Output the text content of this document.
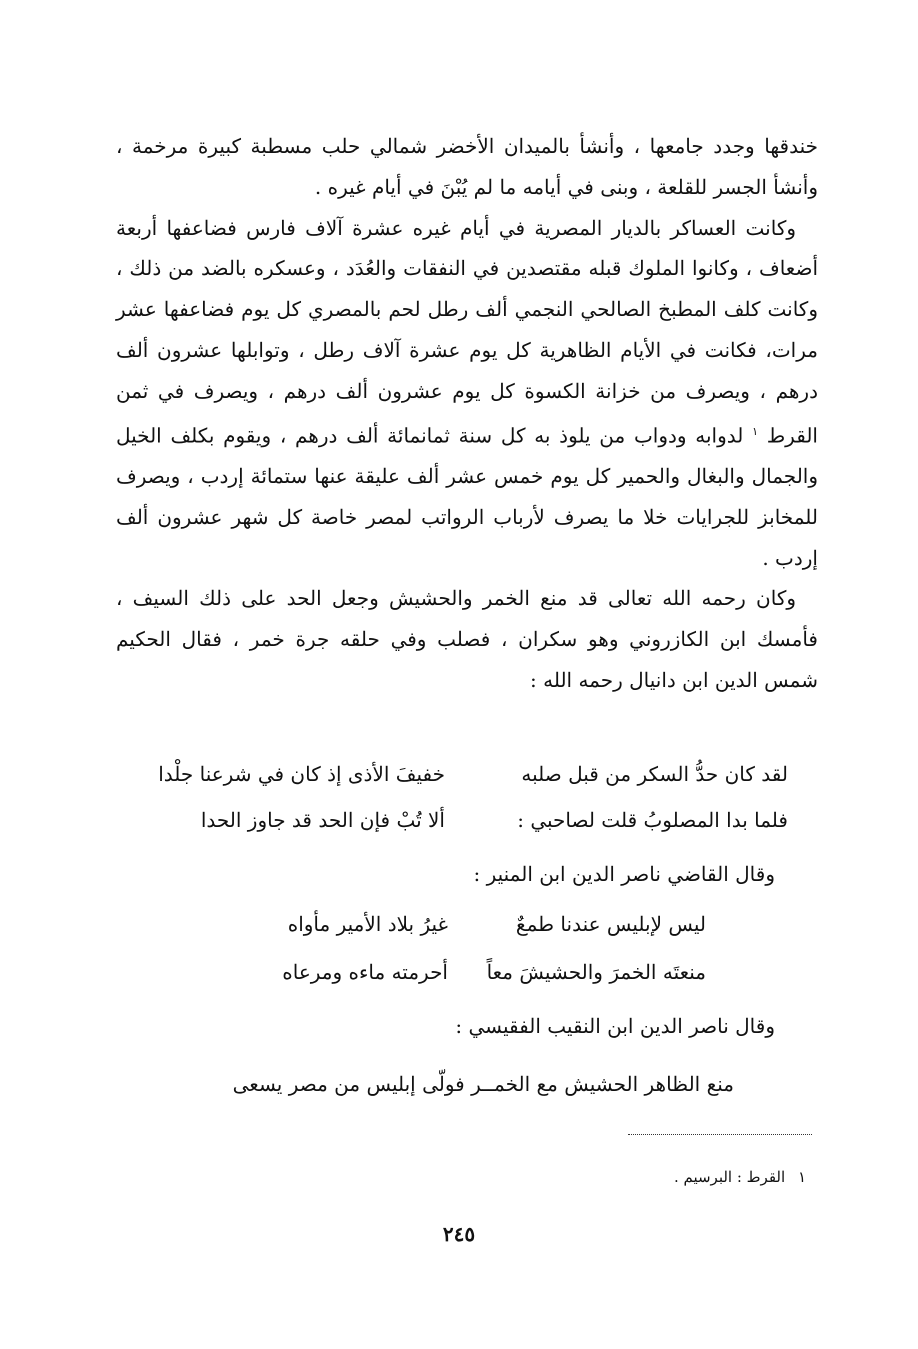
خندقها وجدد جامعها ، وأنشأ بالميدان الأخضر شمالي حلب مسطبة كبيرة مرخمة ، وأنشأ الجسر للقلعة ، وبنى في أيامه ما لم يُبْنَ في أيام غيره .

وكانت العساكر بالديار المصرية في أيام غيره عشرة آلاف فارس فضاعفها أربعة أضعاف ، وكانوا الملوك قبله مقتصدين في النفقات والعُدَد ، وعسكره بالضد من ذلك ، وكانت كلف المطبخ الصالحي النجمي ألف رطل لحم بالمصري كل يوم فضاعفها عشر مرات، فكانت في الأيام الظاهرية كل يوم عشرة آلاف رطل ، وتوابلها عشرون ألف درهم ، ويصرف من خزانة الكسوة كل يوم عشرون ألف درهم ، ويصرف في ثمن القرط $^١$ لدوابه ودواب من يلوذ به كل سنة ثمانمائة ألف درهم ، ويقوم بكلف الخيل والجمال والبغال والحمير كل يوم خمس عشر ألف عليقة عنها ستمائة إردب ، ويصرف للمخابز للجرايات خلا ما يصرف لأرباب الرواتب لمصر خاصة كل شهر عشرون ألف إردب .

وكان رحمه الله تعالى قد منع الخمر والحشيش وجعل الحد على ذلك السيف ، فأمسك ابن الكازروني وهو سكران ، فصلب وفي حلقه جرة خمر ، فقال الحكيم شمس الدين ابن دانيال رحمه الله :

لقد كان حدُّ السكر من قبل صلبه
خفيفَ الأذى إذ كان في شرعنا جلْدا
فلما بدا المصلوبُ قلت لصاحبي :
ألا تُبْ فإن الحد قد جاوز الحدا
وقال القاضي ناصر الدين ابن المنير :
ليس لإبليس عندنا طمعٌ
غيرُ بلاد الأمير مأواه
منعتَه الخمرَ والحشيشَ معاً
أحرمته ماءه ومرعاه
وقال ناصر الدين ابن النقيب الفقيسي :
منع الظاهر الحشيش مع الخمـ
ـر فولّى إبليس من مصر يسعى
١ القرط : البرسيم .
٢٤٥
